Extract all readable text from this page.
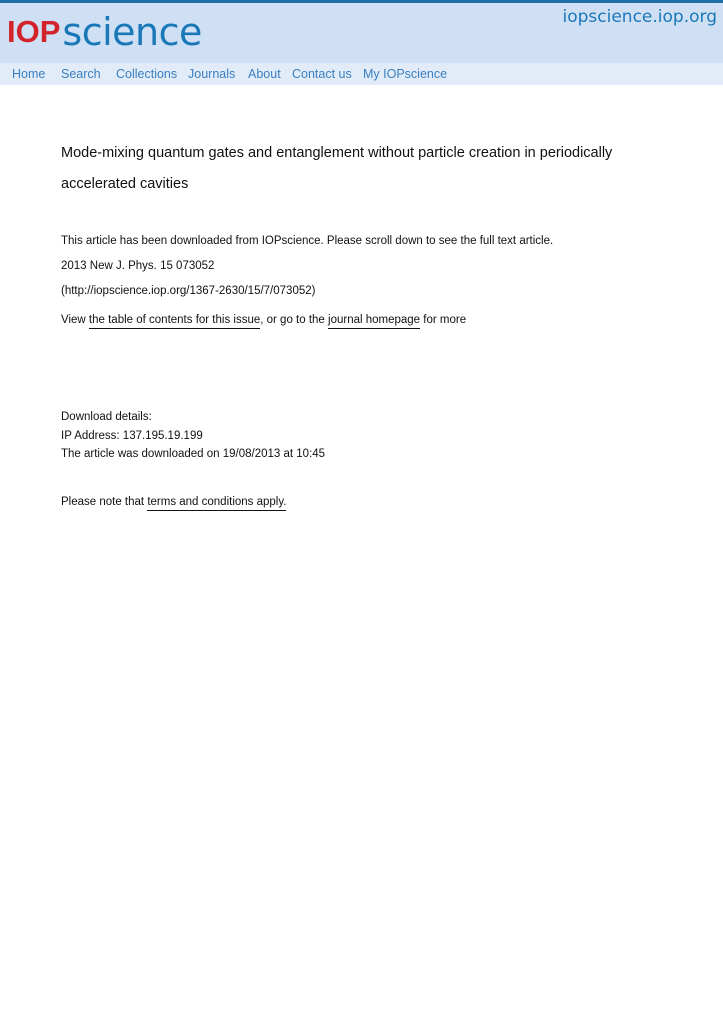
IOP science	iopscience.iop.org
Home Search Collections Journals About Contact us My IOPscience
Mode-mixing quantum gates and entanglement without particle creation in periodically accelerated cavities
This article has been downloaded from IOPscience. Please scroll down to see the full text article.
2013 New J. Phys. 15 073052
(http://iopscience.iop.org/1367-2630/15/7/073052)
View the table of contents for this issue, or go to the journal homepage for more
Download details:
IP Address: 137.195.19.199
The article was downloaded on 19/08/2013 at 10:45
Please note that terms and conditions apply.
